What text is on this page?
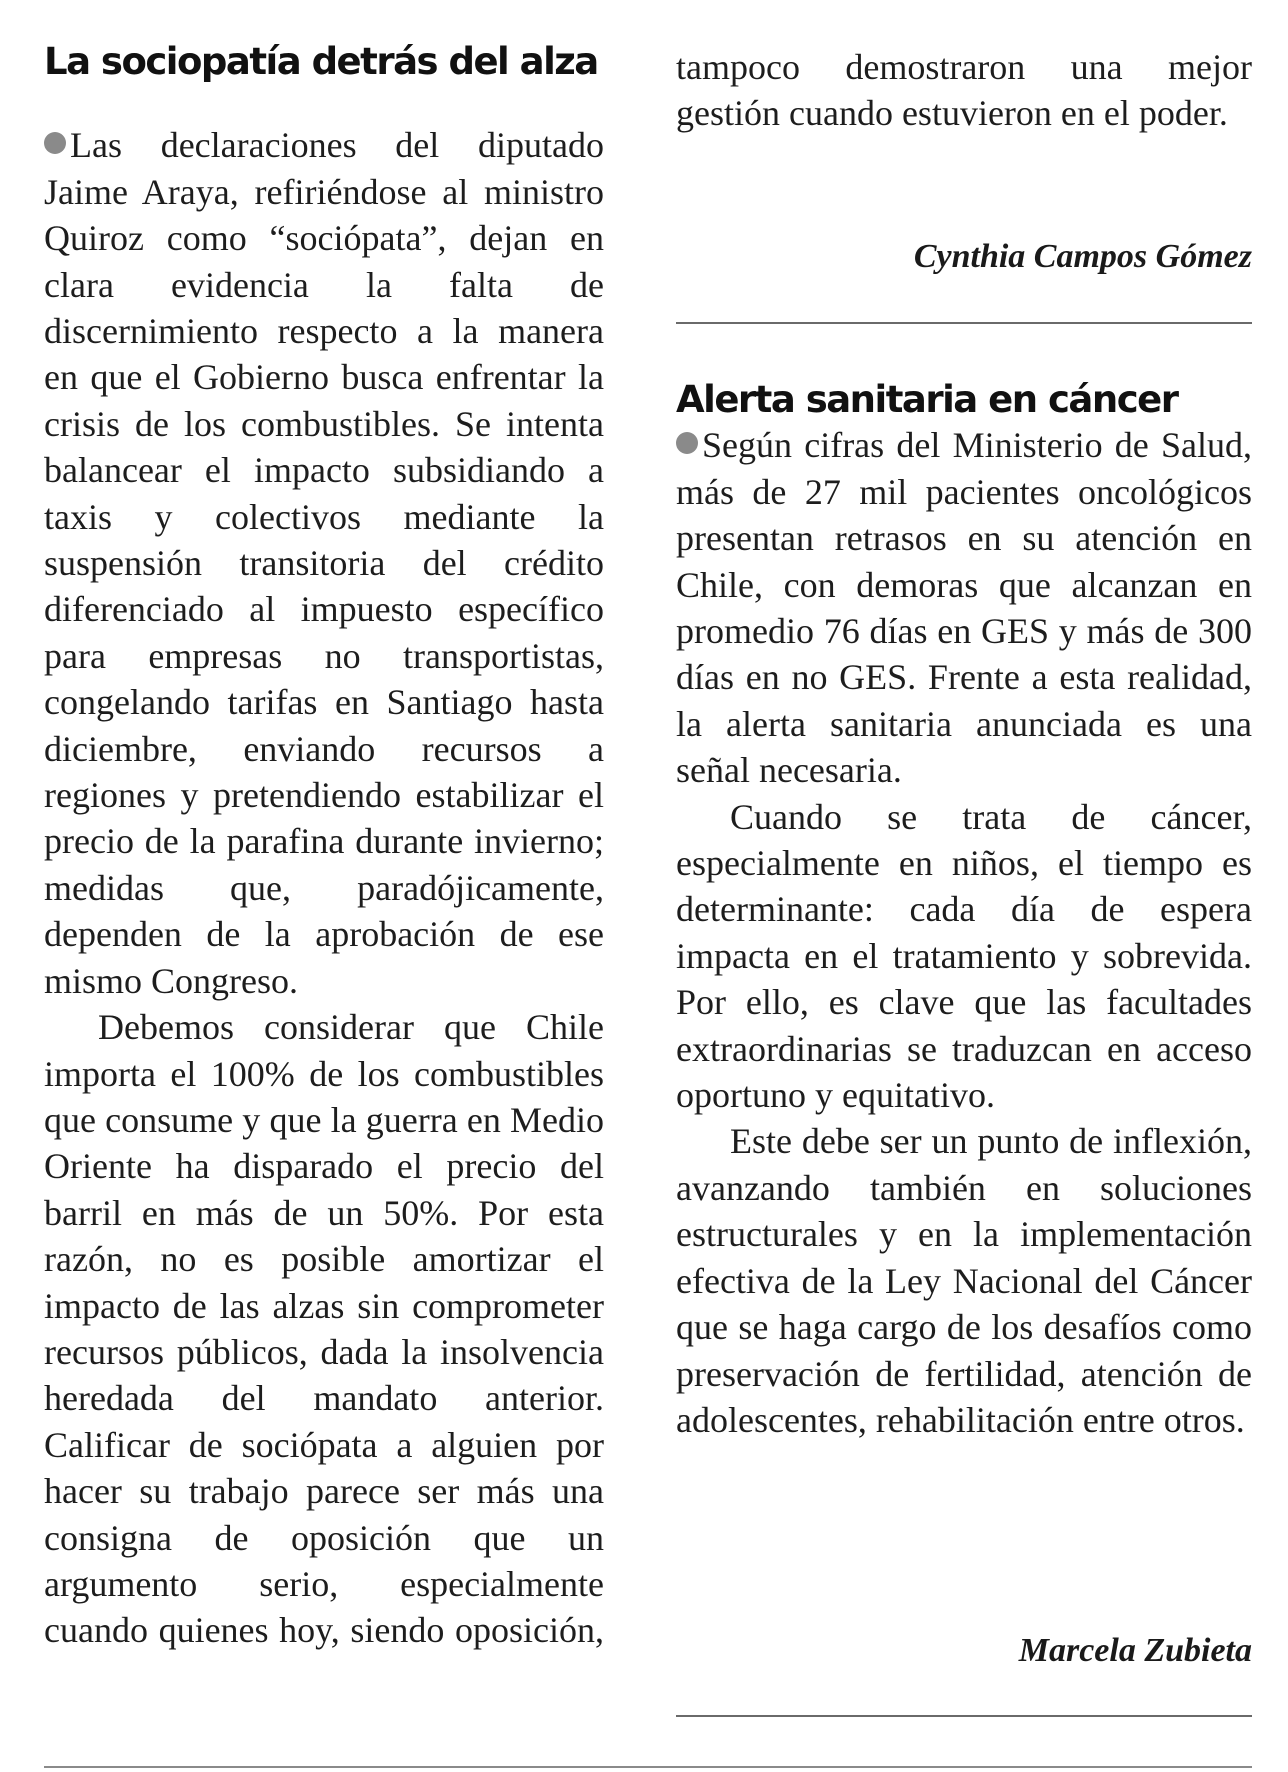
La sociopatía detrás del alza

Las declaraciones del diputado Jaime Araya, refiriéndose al ministro Quiroz como “sociópata”, dejan en clara evidencia la falta de discernimiento respecto a la manera en que el Gobierno busca enfrentar la crisis de los combustibles. Se intenta balancear el impacto subsidiando a taxis y colectivos mediante la suspensión transitoria del crédito diferenciado al impuesto específico para empresas no transportistas, congelando tarifas en Santiago hasta diciembre, enviando recursos a regiones y pretendiendo estabilizar el precio de la parafina durante invierno; medidas que, paradójicamente, dependen de la aprobación de ese mismo Congreso.

Debemos considerar que Chile importa el 100% de los combustibles que consume y que la guerra en Medio Oriente ha disparado el precio del barril en más de un 50%. Por esta razón, no es posible amortizar el impacto de las alzas sin comprometer recursos públicos, dada la insolvencia heredada del mandato anterior. Calificar de sociópata a alguien por hacer su trabajo parece ser más una consigna de oposición que un argumento serio, especialmente cuando quienes hoy, siendo oposición,

tampoco demostraron una mejor gestión cuando estuvieron en el poder.

Cynthia Campos Gómez

Alerta sanitaria en cáncer

Según cifras del Ministerio de Salud, más de 27 mil pacientes oncológicos presentan retrasos en su atención en Chile, con demoras que alcanzan en promedio 76 días en GES y más de 300 días en no GES. Frente a esta realidad, la alerta sanitaria anunciada es una señal necesaria.

Cuando se trata de cáncer, especialmente en niños, el tiempo es determinante: cada día de espera impacta en el tratamiento y sobrevida. Por ello, es clave que las facultades extraordinarias se traduzcan en acceso oportuno y equitativo.

Este debe ser un punto de inflexión, avanzando también en soluciones estructurales y en la implementación efectiva de la Ley Nacional del Cáncer que se haga cargo de los desafíos como preservación de fertilidad, atención de adolescentes, rehabilitación entre otros.

Marcela Zubieta
